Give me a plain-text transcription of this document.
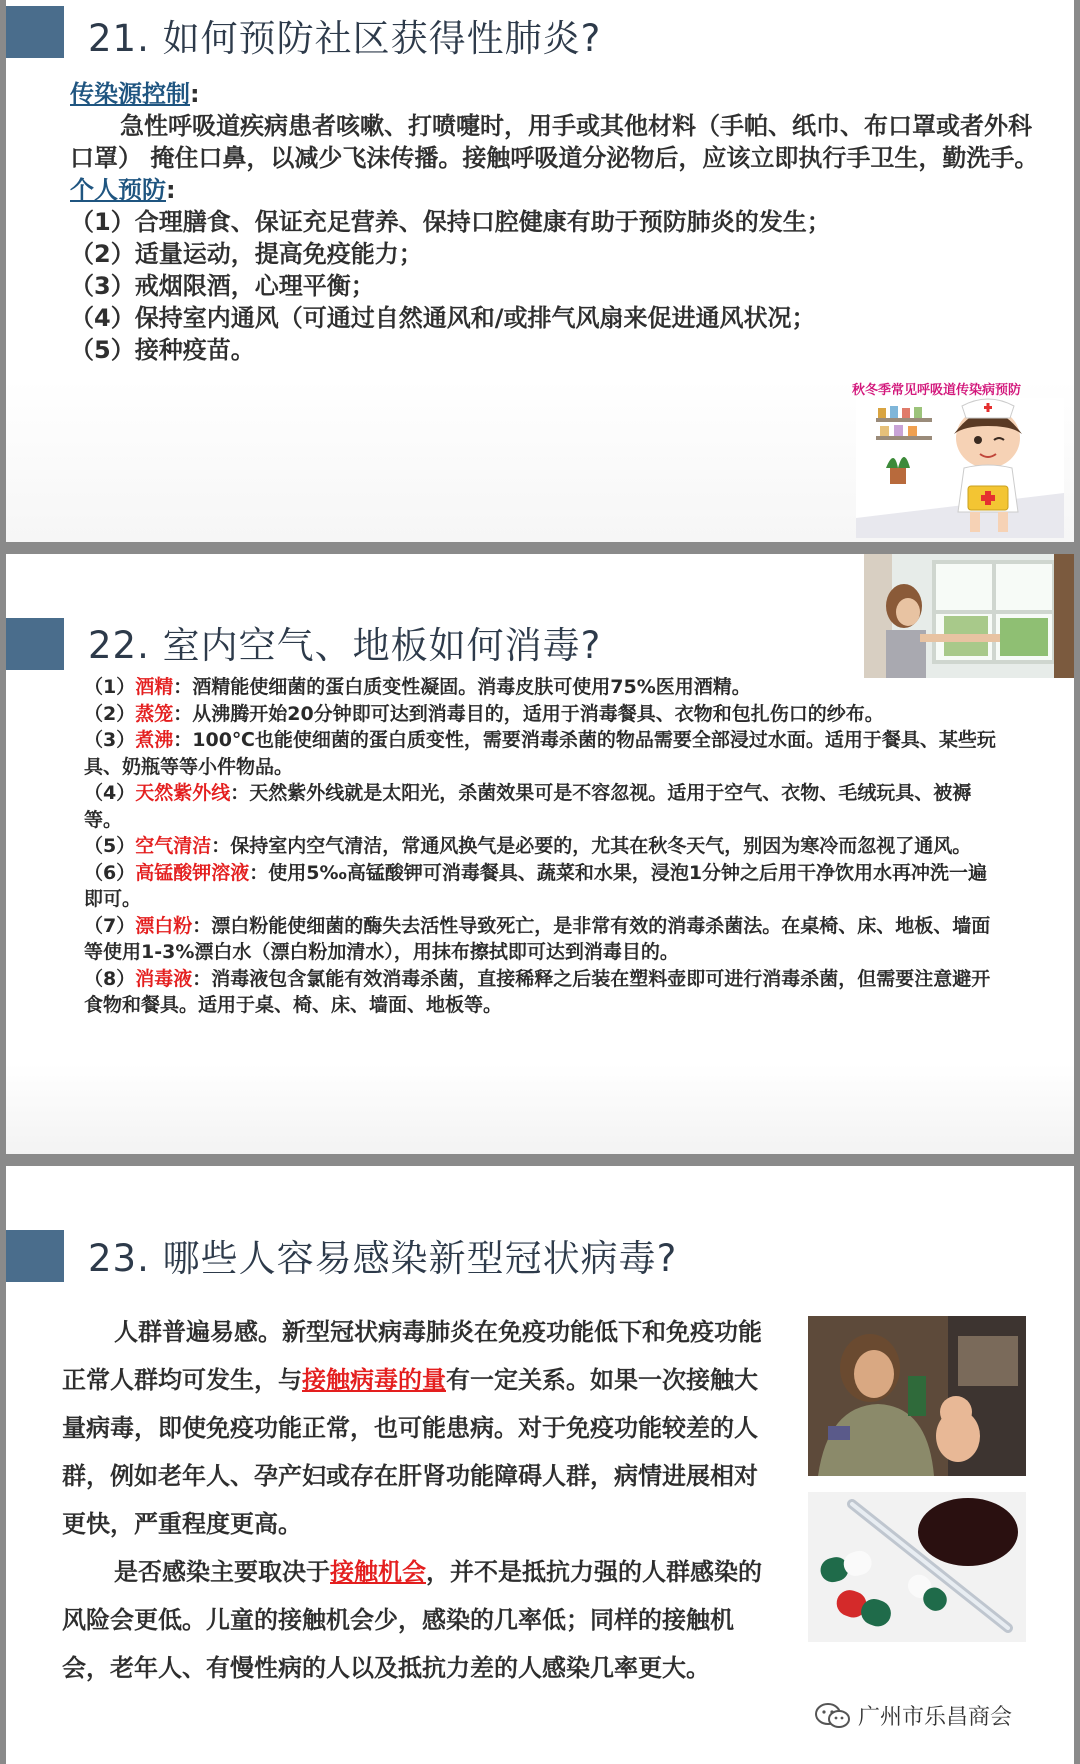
21. 如何预防社区获得性肺炎?
传染源控制:
急性呼吸道疾病患者咳嗽、打喷嚏时，用手或其他材料（手帕、纸巾、布口罩或者外科口罩） 掩住口鼻，以减少飞沫传播。接触呼吸道分泌物后，应该立即执行手卫生，勤洗手。
个人预防:
（1）合理膳食、保证充足营养、保持口腔健康有助于预防肺炎的发生；
（2）适量运动，提高免疫能力；
（3）戒烟限酒，心理平衡；
（4）保持室内通风（可通过自然通风和/或排气风扇来促进通风状况；
（5）接种疫苗。
秋冬季常见呼吸道传染病预防
22. 室内空气、地板如何消毒?
（1）酒精：酒精能使细菌的蛋白质变性凝固。消毒皮肤可使用75%医用酒精。
（2）蒸笼：从沸腾开始20分钟即可达到消毒目的，适用于消毒餐具、衣物和包扎伤口的纱布。
（3）煮沸：100℃也能使细菌的蛋白质变性，需要消毒杀菌的物品需要全部浸过水面。适用于餐具、某些玩具、奶瓶等等小件物品。
（4）天然紫外线：天然紫外线就是太阳光，杀菌效果可是不容忽视。适用于空气、衣物、毛绒玩具、被褥等。
（5）空气清洁：保持室内空气清洁，常通风换气是必要的，尤其在秋冬天气，别因为寒冷而忽视了通风。
（6）高锰酸钾溶液：使用5‰高锰酸钾可消毒餐具、蔬菜和水果，浸泡1分钟之后用干净饮用水再冲洗一遍即可。
（7）漂白粉：漂白粉能使细菌的酶失去活性导致死亡，是非常有效的消毒杀菌法。在桌椅、床、地板、墙面等使用1-3%漂白水（漂白粉加清水），用抹布擦拭即可达到消毒目的。
（8）消毒液：消毒液包含氯能有效消毒杀菌，直接稀释之后装在塑料壶即可进行消毒杀菌，但需要注意避开食物和餐具。适用于桌、椅、床、墙面、地板等。
23. 哪些人容易感染新型冠状病毒?
人群普遍易感。新型冠状病毒肺炎在免疫功能低下和免疫功能正常人群均可发生，与接触病毒的量有一定关系。如果一次接触大量病毒，即使免疫功能正常，也可能患病。对于免疫功能较差的人群，例如老年人、孕产妇或存在肝肾功能障碍人群，病情进展相对更快，严重程度更高。
是否感染主要取决于接触机会，并不是抵抗力强的人群感染的风险会更低。儿童的接触机会少，感染的几率低；同样的接触机会，老年人、有慢性病的人以及抵抗力差的人感染几率更大。
广州市乐昌商会
